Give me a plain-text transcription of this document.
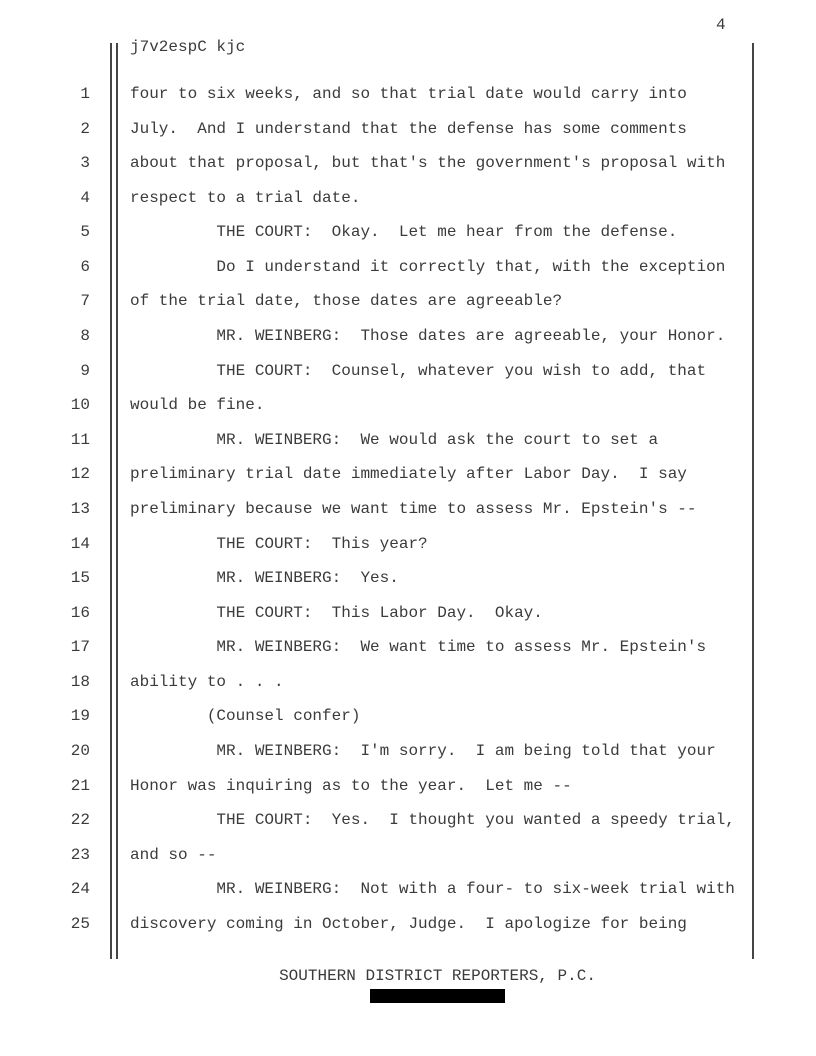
4
j7v2espC kjc
1
2
3
4
5
6
7
8
9
10
11
12
13
14
15
16
17
18
19
20
21
22
23
24
25
four to six weeks, and so that trial date would carry into
July.  And I understand that the defense has some comments
about that proposal, but that's the government's proposal with
respect to a trial date.
THE COURT:  Okay.  Let me hear from the defense.
Do I understand it correctly that, with the exception
of the trial date, those dates are agreeable?
MR. WEINBERG:  Those dates are agreeable, your Honor.
THE COURT:  Counsel, whatever you wish to add, that
would be fine.
MR. WEINBERG:  We would ask the court to set a
preliminary trial date immediately after Labor Day.  I say
preliminary because we want time to assess Mr. Epstein's --
THE COURT:  This year?
MR. WEINBERG:  Yes.
THE COURT:  This Labor Day.  Okay.
MR. WEINBERG:  We want time to assess Mr. Epstein's
ability to . . .
(Counsel confer)
MR. WEINBERG:  I'm sorry.  I am being told that your
Honor was inquiring as to the year.  Let me --
THE COURT:  Yes.  I thought you wanted a speedy trial,
and so --
MR. WEINBERG:  Not with a four- to six-week trial with
discovery coming in October, Judge.  I apologize for being
SOUTHERN DISTRICT REPORTERS, P.C.
